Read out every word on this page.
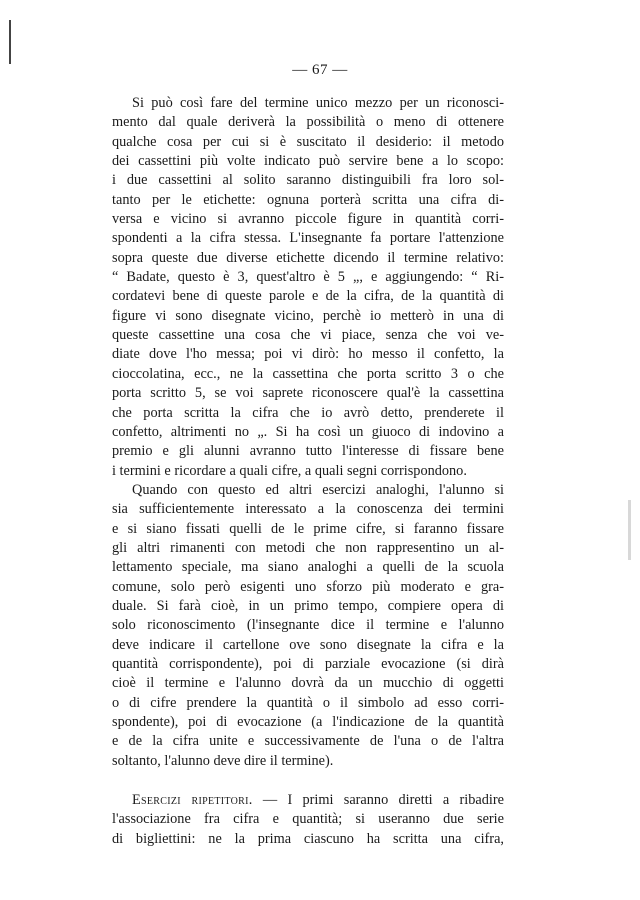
— 67 —
Si può così fare del termine unico mezzo per un riconosci-
mento dal quale deriverà la possibilità o meno di ottenere
qualche cosa per cui si è suscitato il desiderio: il metodo
dei cassettini più volte indicato può servire bene a lo scopo:
i due cassettini al solito saranno distinguibili fra loro sol-
tanto per le etichette: ognuna porterà scritta una cifra di-
versa e vicino si avranno piccole figure in quantità corri-
spondenti a la cifra stessa. L'insegnante fa portare l'attenzione
sopra queste due diverse etichette dicendo il termine relativo:
“ Badate, questo è 3, quest'altro è 5 „, e aggiungendo: “ Ri-
cordatevi bene di queste parole e de la cifra, de la quantità di
figure vi sono disegnate vicino, perchè io metterò in una di
queste cassettine una cosa che vi piace, senza che voi ve-
diate dove l'ho messa; poi vi dirò: ho messo il confetto, la
cioccolatina, ecc., ne la cassettina che porta scritto 3 o che
porta scritto 5, se voi saprete riconoscere qual'è la cassettina
che porta scritta la cifra che io avrò detto, prenderete il
confetto, altrimenti no „. Si ha così un giuoco di indovino a
premio e gli alunni avranno tutto l'interesse di fissare bene
i termini e ricordare a quali cifre, a quali segni corrispondono.
Quando con questo ed altri esercizi analoghi, l'alunno si
sia sufficientemente interessato a la conoscenza dei termini
e si siano fissati quelli de le prime cifre, si faranno fissare
gli altri rimanenti con metodi che non rappresentino un al-
lettamento speciale, ma siano analoghi a quelli de la scuola
comune, solo però esigenti uno sforzo più moderato e gra-
duale. Si farà cioè, in un primo tempo, compiere opera di
solo riconoscimento (l'insegnante dice il termine e l'alunno
deve indicare il cartellone ove sono disegnate la cifra e la
quantità corrispondente), poi di parziale evocazione (si dirà
cioè il termine e l'alunno dovrà da un mucchio di oggetti
o di cifre prendere la quantità o il simbolo ad esso corri-
spondente), poi di evocazione (a l'indicazione de la quantità
e de la cifra unite e successivamente de l'una o de l'altra
soltanto, l'alunno deve dire il termine).
Esercizi ripetitori. — I primi saranno diretti a ribadire
l'associazione fra cifra e quantità; si useranno due serie
di bigliettini: ne la prima ciascuno ha scritta una cifra,
